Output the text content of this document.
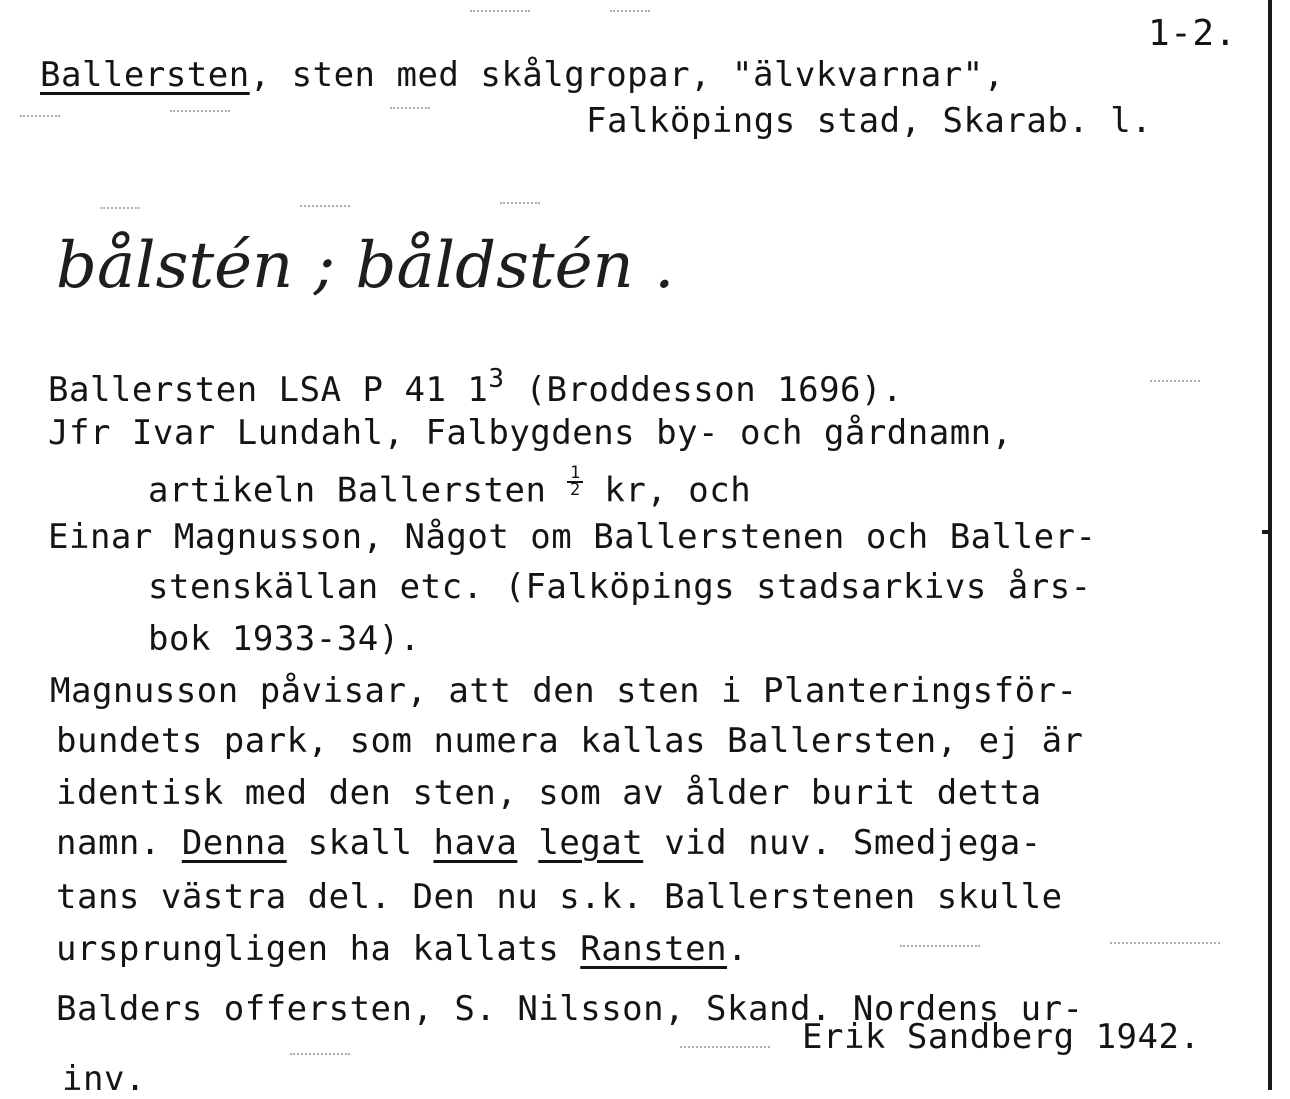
1-2.
Ballersten, sten med skålgropar, "älvkvarnar",
Falköpings stad, Skarab. l.
bålstén ; båldstén .
Ballersten LSA P 41 $1^3$ (Broddesson 1696).
Jfr Ivar Lundahl, Falbygdens by- och gårdnamn,
artikeln Ballersten $\frac{1}{2}$ kr, och
Einar Magnusson, Något om Ballerstenen och Baller-
stenskällan etc. (Falköpings stadsarkivs års-
bok 1933-34).
Magnusson påvisar, att den sten i Planteringsför-
bundets park, som numera kallas Ballersten, ej är
identisk med den sten, som av ålder burit detta
namn. Denna skall hava legat vid nuv. Smedjega-
tans västra del. Den nu s.k. Ballerstenen skulle
ursprungligen ha kallats Ransten.
Balders offersten, S. Nilsson, Skand. Nordens ur-
Erik Sandberg 1942.
inv.
